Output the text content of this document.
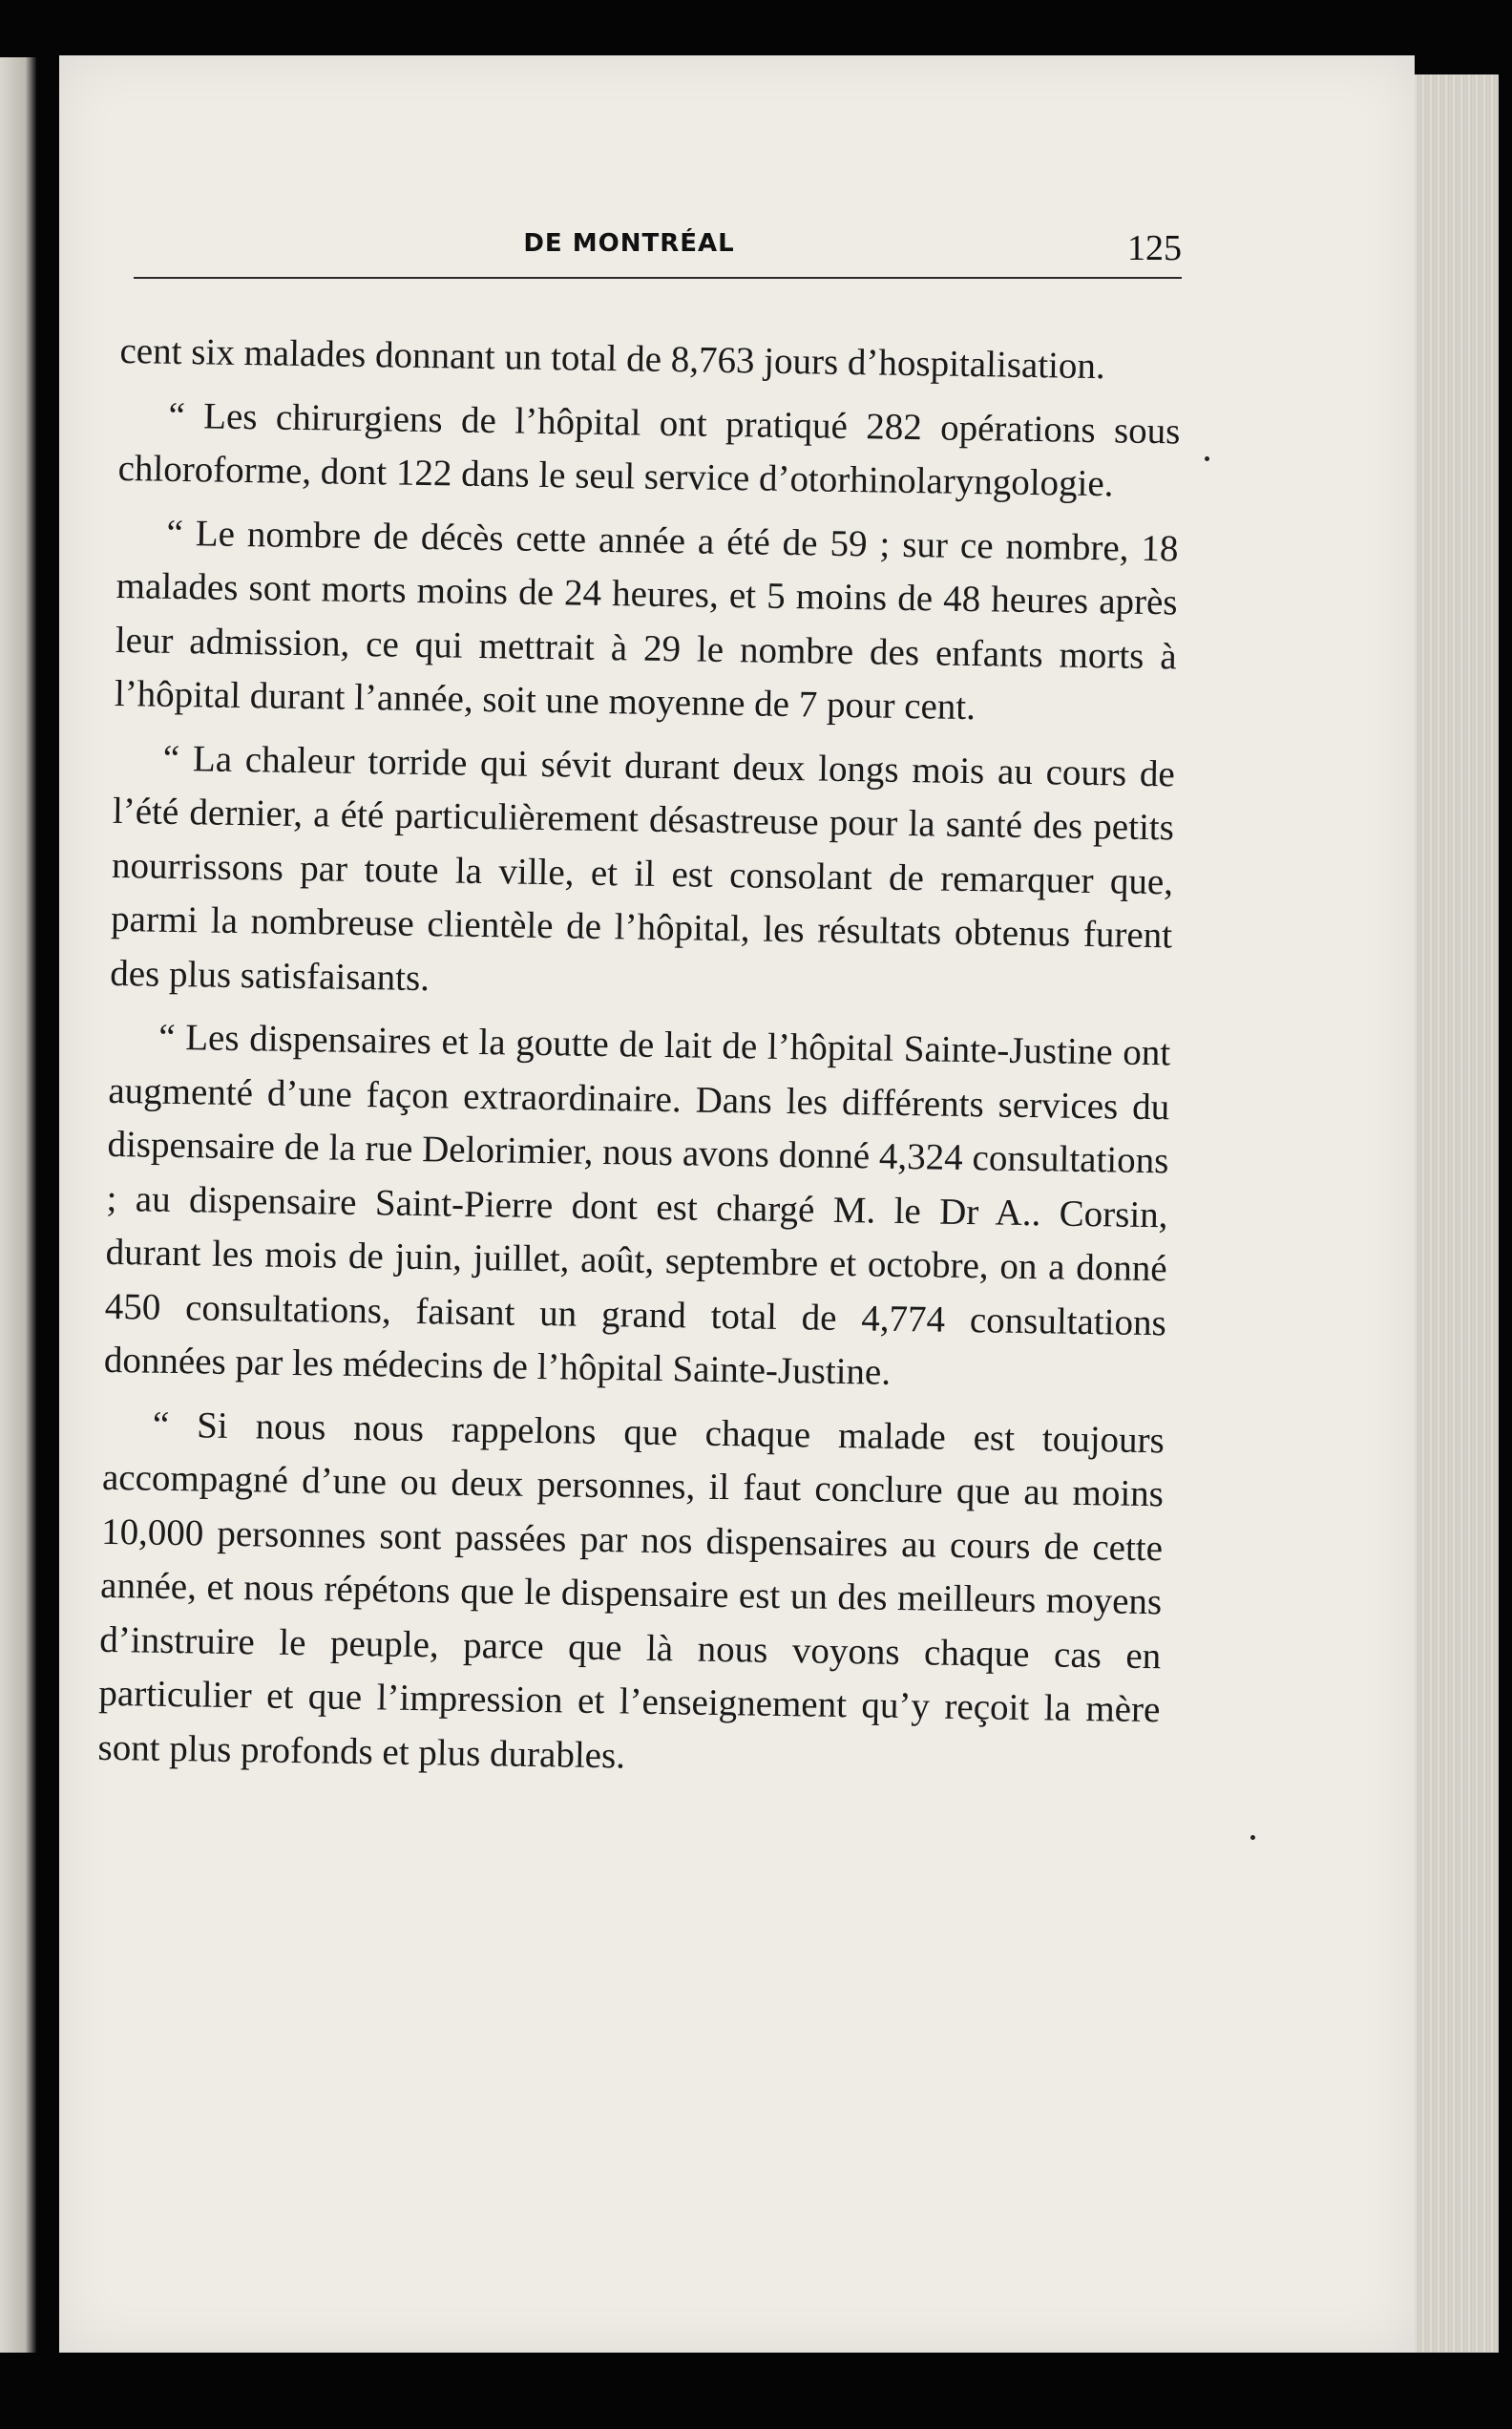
DE MONTRÉAL	125

cent six malades donnant un total de 8,763 jours d’hospitalisation.

“ Les chirurgiens de l’hôpital ont pratiqué 282 opérations sous chloroforme, dont 122 dans le seul service d’otorhinolaryngologie.

“ Le nombre de décès cette année a été de 59 ; sur ce nombre, 18 malades sont morts moins de 24 heures, et 5 moins de 48 heures après leur admission, ce qui mettrait à 29 le nombre des enfants morts à l’hôpital durant l’année, soit une moyenne de 7 pour cent.

“ La chaleur torride qui sévit durant deux longs mois au cours de l’été dernier, a été particulièrement désastreuse pour la santé des petits nourrissons par toute la ville, et il est consolant de remarquer que, parmi la nombreuse clientèle de l’hôpital, les résultats obtenus furent des plus satisfaisants.

“ Les dispensaires et la goutte de lait de l’hôpital Sainte-Justine ont augmenté d’une façon extraordinaire. Dans les différents services du dispensaire de la rue Delorimier, nous avons donné 4,324 consultations ; au dispensaire Saint-Pierre dont est chargé M. le Dr A.. Corsin, durant les mois de juin, juillet, août, septembre et octobre, on a donné 450 consultations, faisant un grand total de 4,774 consultations données par les médecins de l’hôpital Sainte-Justine.

“ Si nous nous rappelons que chaque malade est toujours accompagné d’une ou deux personnes, il faut conclure que au moins 10,000 personnes sont passées par nos dispensaires au cours de cette année, et nous répétons que le dispensaire est un des meilleurs moyens d’instruire le peuple, parce que là nous voyons chaque cas en particulier et que l’impression et l’enseignement qu’y reçoit la mère sont plus profonds et plus durables.
